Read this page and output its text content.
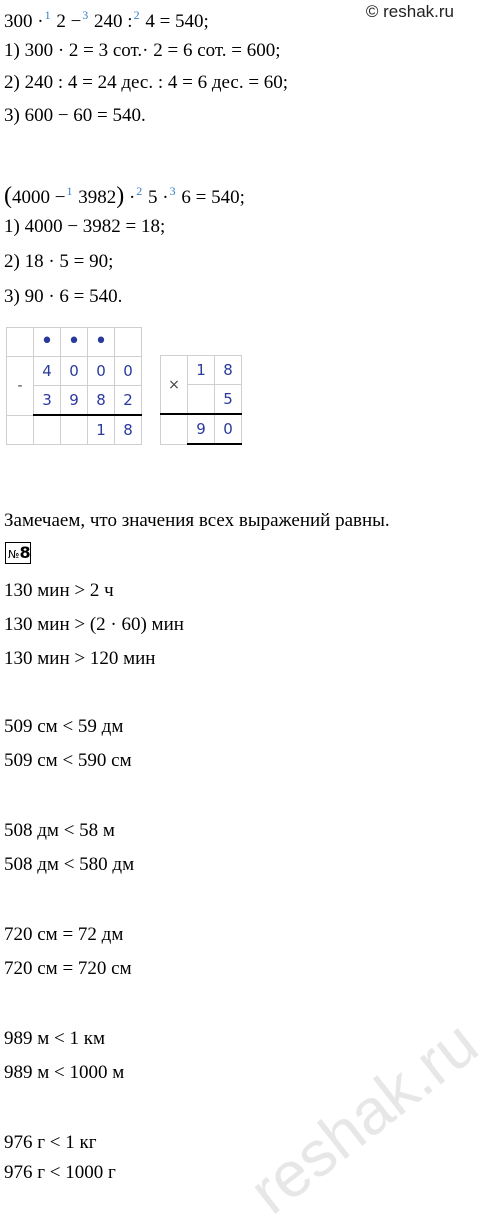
© reshak.ru
300 ·$^1$ 2 −$^3$ 240 :$^2$ 4 = 540;
1) 300 · 2 = 3 сот.· 2 = 6 сот. = 600;
2) 240 : 4 = 24 дес. : 4 = 6 дес. = 60;
3) 600 − 60 = 540.
(4000 −$^1$ 3982) ·$^2$ 5 ·$^3$ 6 = 540;
1) 4000 − 3982 = 18;
2) 18 · 5 = 90;
3) 90 · 6 = 540.
	•	•	•	
-	4	0	0	0
	3	9	8	2
			1	8
×	1	8
		5
	9	0
Замечаем, что значения всех выражений равны.
№8
130 мин > 2 ч
130 мин > (2 · 60) мин
130 мин > 120 мин
509 см < 59 дм
509 см < 590 см
508 дм < 58 м
508 дм < 580 дм
720 см = 72 дм
720 см = 720 см
989 м < 1 км
989 м < 1000 м
976 г < 1 кг
976 г < 1000 г reshak.ru
